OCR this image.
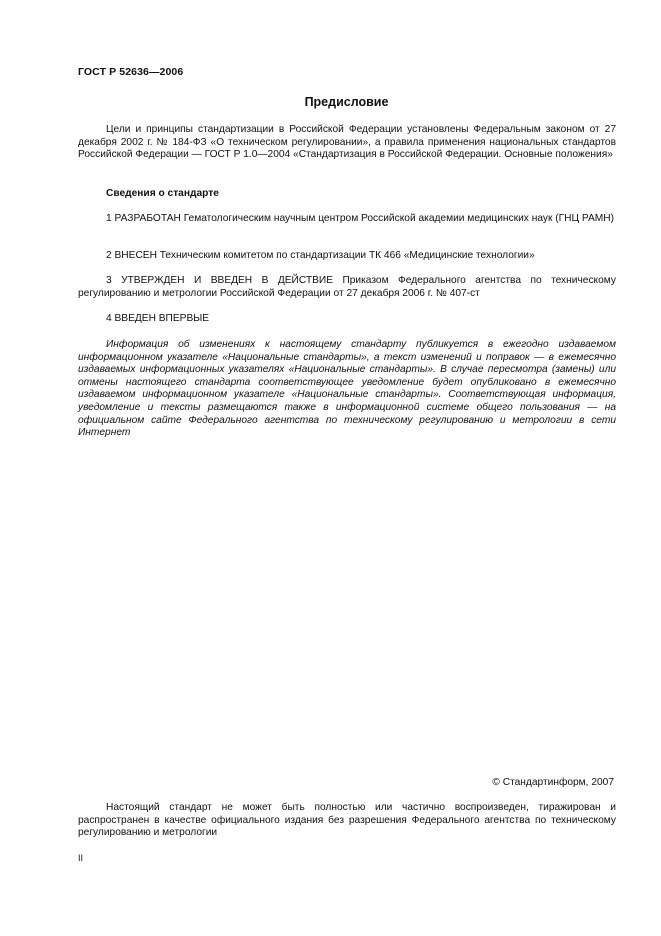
ГОСТ Р 52636—2006
Предисловие

Цели и принципы стандартизации в Российской Федерации установлены Федеральным законом от 27 декабря 2002 г. № 184-ФЗ «О техническом регулировании», а правила применения национальных стандартов Российской Федерации — ГОСТ Р 1.0—2004 «Стандартизация в Российской Федерации. Основные положения»

Сведения о стандарте

1 РАЗРАБОТАН Гематологическим научным центром Российской академии медицинских наук (ГНЦ РАМН)

2 ВНЕСЕН Техническим комитетом по стандартизации ТК 466 «Медицинские технологии»

3 УТВЕРЖДЕН И ВВЕДЕН В ДЕЙСТВИЕ Приказом Федерального агентства по техническому регулированию и метрологии Российской Федерации от 27 декабря 2006 г. № 407-ст

4 ВВЕДЕН ВПЕРВЫЕ

Информация об изменениях к настоящему стандарту публикуется в ежегодно издаваемом информационном указателе «Национальные стандарты», а текст изменений и поправок — в ежемесячно издаваемых информационных указателях «Национальные стандарты». В случае пересмотра (замены) или отмены настоящего стандарта соответствующее уведомление будет опубликовано в ежемесячно издаваемом информационном указателе «Национальные стандарты». Соответствующая информация, уведомление и тексты размещаются также в информационной системе общего пользования — на официальном сайте Федерального агентства по техническому регулированию и метрологии в сети Интернет

© Стандартинформ, 2007

Настоящий стандарт не может быть полностью или частично воспроизведен, тиражирован и распространен в качестве официального издания без разрешения Федерального агентства по техническому регулированию и метрологии

II
